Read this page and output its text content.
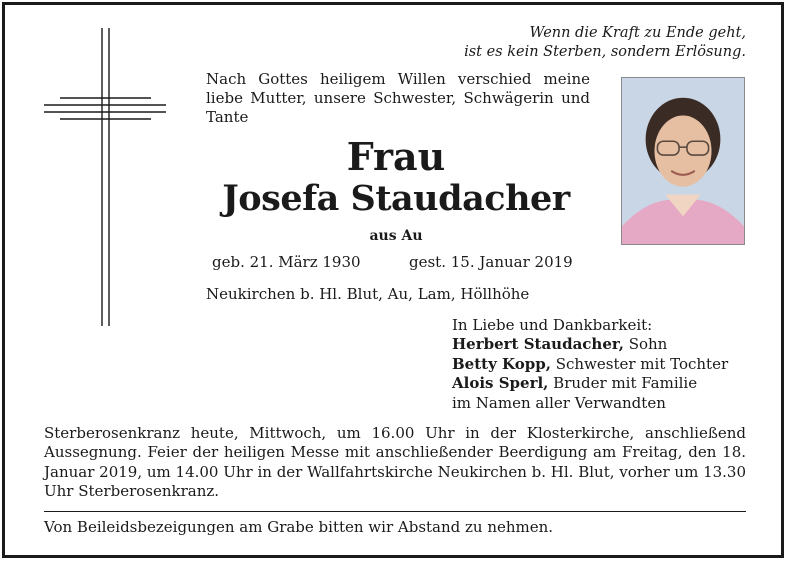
Wenn die Kraft zu Ende geht,
ist es kein Sterben, sondern Erlösung.
Nach Gottes heiligem Willen verschied meine liebe Mutter, unsere Schwester, Schwägerin und Tante
Frau
Josefa Staudacher
aus Au
geb. 21. März 1930	gest. 15. Januar 2019
Neukirchen b. Hl. Blut, Au, Lam, Höllhöhe
In Liebe und Dankbarkeit:
Herbert Staudacher, Sohn
Betty Kopp, Schwester mit Tochter
Alois Sperl, Bruder mit Familie
im Namen aller Verwandten
Sterberosenkranz heute, Mittwoch, um 16.00 Uhr in der Klosterkirche, anschließend Aussegnung. Feier der heiligen Messe mit anschließender Beerdigung am Freitag, den 18. Januar 2019, um 14.00 Uhr in der Wallfahrtskirche Neukirchen b. Hl. Blut, vorher um 13.30 Uhr Sterberosenkranz.
Von Beileidsbezeigungen am Grabe bitten wir Abstand zu nehmen.
